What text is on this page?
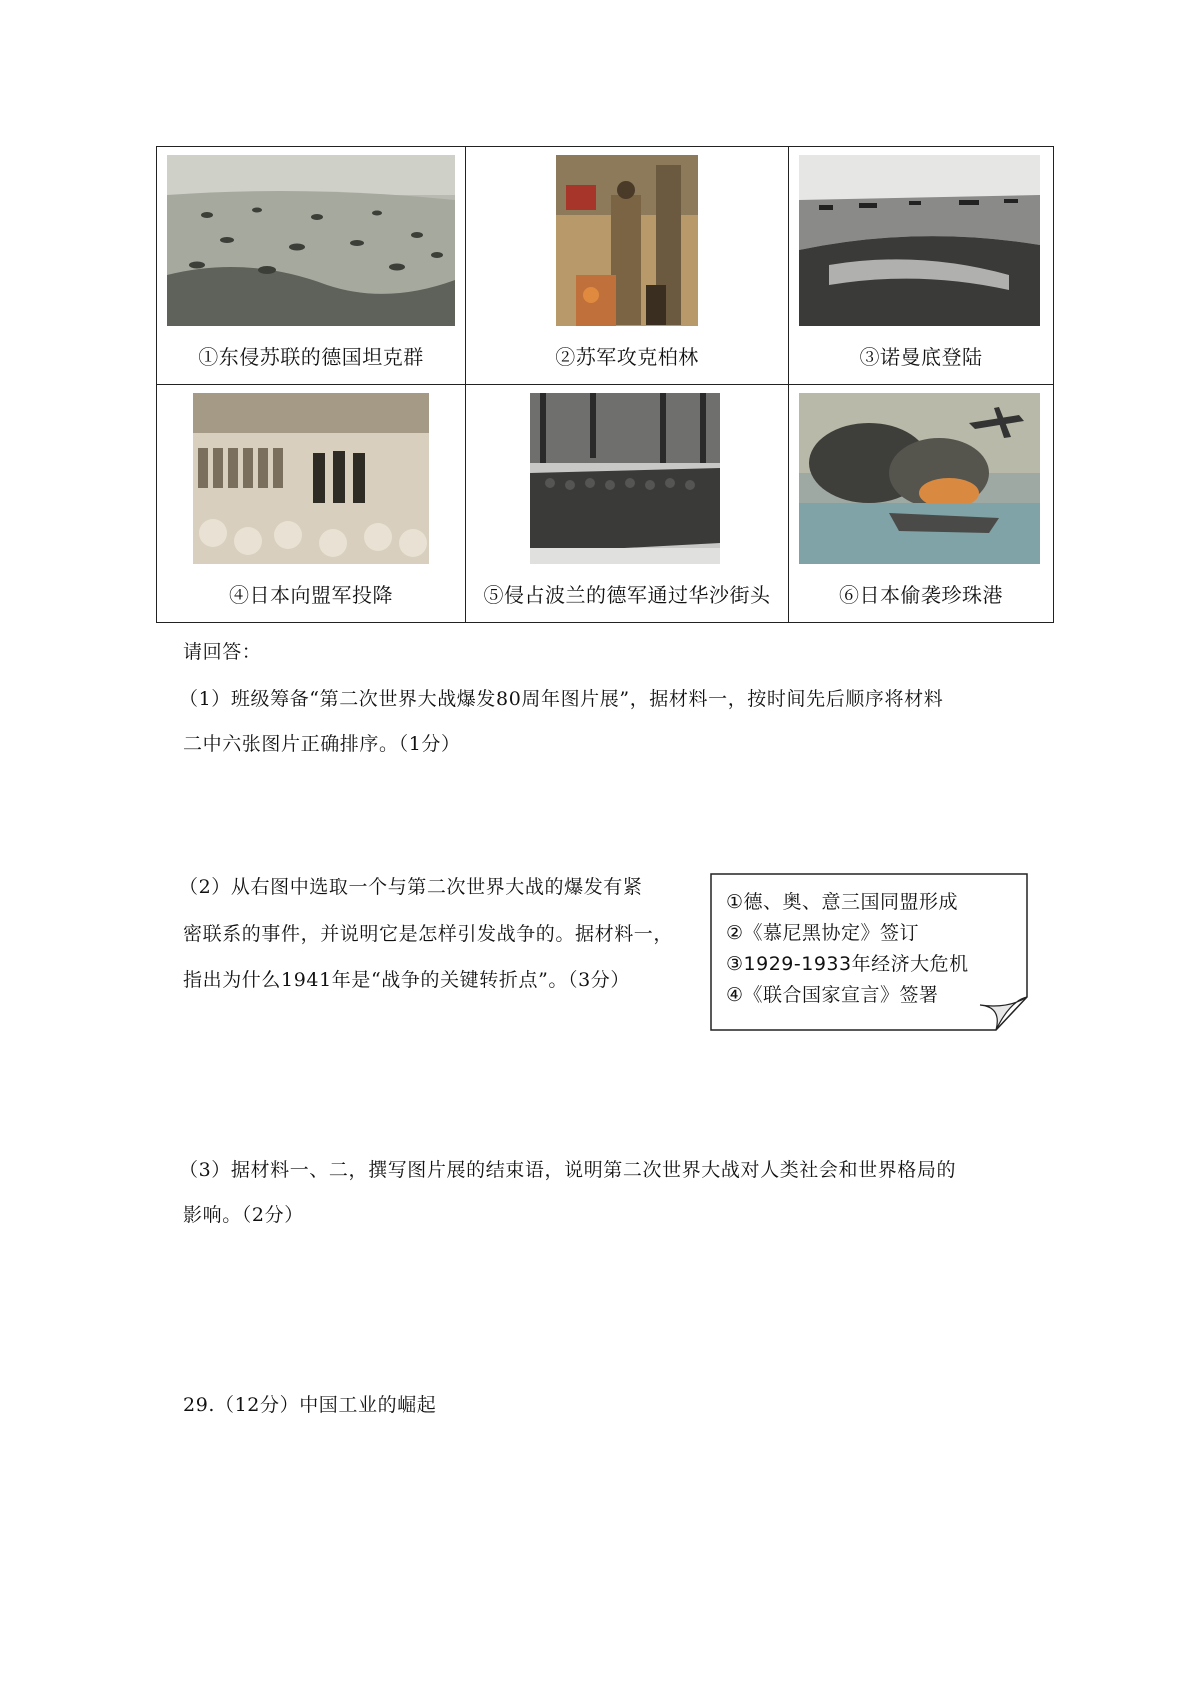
①东侵苏联的德国坦克群	②苏军攻克柏林	③诺曼底登陆

④日本向盟军投降	⑤侵占波兰的德军通过华沙街头	⑥日本偷袭珍珠港
请回答：
（1）班级筹备“第二次世界大战爆发80周年图片展”，据材料一，按时间先后顺序将材料
二中六张图片正确排序。（1分）
（2）从右图中选取一个与第二次世界大战的爆发有紧
密联系的事件，并说明它是怎样引发战争的。据材料一，
指出为什么1941年是“战争的关键转折点”。（3分）
①德、奥、意三国同盟形成
②《慕尼黑协定》签订
③1929-1933年经济大危机
④《联合国家宣言》签署
（3）据材料一、二，撰写图片展的结束语，说明第二次世界大战对人类社会和世界格局的
影响。（2分）
29.（12分）中国工业的崛起
